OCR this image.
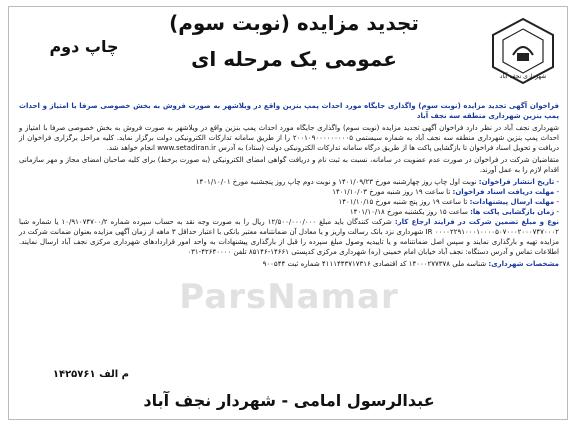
تجدید مزایده (نوبت سوم)
عمومی یک مرحله ای
چاپ دوم
شهرداری نجف آباد

فراخوان آگهی تجدید مزایده (نوبت سوم) واگذاری جایگاه مورد احداث پمپ بنزین واقع در ویلاشهر به صورت فروش به بخش خصوصی صرفا با امتیاز و احداث پمپ بنزین شهرداری منطقه سه نجف آباد

شهرداری نجف آباد در نظر دارد فراخوان آگهی تجدید مزایده (نوبت سوم) واگذاری جایگاه مورد احداث پمپ بنزین واقع در ویلاشهر به صورت فروش به بخش خصوصی صرفا با امتیاز و احداث پمپ بنزین شهرداری منطقه سه نجف آباد به شماره سیستمی ۲۰۰۱۰۹۰۰۰۰۰۰۰۰۰۵ را از طریق سامانه تدارکات الکترونیکی دولت برگزار نماید. کلیه مراحل برگزاری فراخوان از دریافت و تحویل اسناد فراخوان تا بازگشایی پاکت ها از طریق درگاه سامانه تدارکات الکترونیکی دولت (ستاد) به آدرس www.setadiran.ir انجام خواهد شد.

متقاضیان شرکت در فراخوان در صورت عدم عضویت در سامانه، نسبت به ثبت نام و دریافت گواهی امضای الکترونیکی (به صورت برخط) برای کلیه صاحبان امضای مجاز و مهر سازمانی اقدام لازم را به عمل آورند.

- تاریخ انتشار فراخوان: نوبت اول چاپ روز چهارشنبه مورخ ۱۴۰۱/۰۹/۲۳ و نوبت دوم چاپ روز پنجشنبه مورخ ۱۴۰۱/۱۰/۰۱
- مهلت دریافت اسناد فراخوان: تا ساعت ۱۹ روز شنبه مورخ ۱۴۰۱/۱۰/۰۳
- مهلت ارسال پیشنهادات: تا ساعت ۱۹ روز پنج شنبه مورخ ۱۴۰۱/۱۰/۱۵
- زمان بازگشایی پاکت ها: ساعت ۱۵ روز یکشنبه مورخ ۱۴۰۱/۱۰/۱۸

نوع و مبلغ تضمین شرکت در فرایند ارجاع کار: شرکت کنندگان باید مبلغ ۱۲/۵۰۰/۰۰۰/۰۰۰ ریال را به صورت وجه نقد به حساب سپرده شماره ۱۰/۹۱۰۷۴۷۰۰/۲ یا شماره شبا ۰۰۰۰۲۲۹۱۰۰۰۱۰۰۰۰۵۰۷۰۰۰۲۰۰۰۷۴۷۰۰۰۲ IR شهرداری نزد بانک رسالت واریز و یا معادل آن ضمانتنامه معتبر بانکی با اعتبار حداقل ۳ ماهه از زمان آگهی مزایده بعنوان ضمانت شرکت در مزایده تهیه و بارگذاری نمایند و سپس اصل ضمانتنامه و یا تاییدیه وصول مبلغ سپرده را قبل از بارگذاری پیشنهادات به واحد امور قراردادهای شهرداری مرکزی نجف آباد ارسال نمایند. اطلاعات تماس و آدرس دستگاه: نجف آباد خیابان امام خمینی (ره) شهرداری مرکزی کدپستی ۱۴۶۶۱-۸۵۱۴۶ تلفن ۴۲۶۴۰۰۰۰-۰۳۱

مشخصات شهرداری: شناسه ملی ۱۴۰۰۰۲۷۷۳۷۸ کد اقتصادی ۴۱۱۱۴۴۳۷۱۷۳۱۶ شماره ثبت ۹۰۰۵۴۴

ParsNamar
م الف ۱۴۲۵۷۶۱
عبدالرسول امامی - شهردار نجف آباد
